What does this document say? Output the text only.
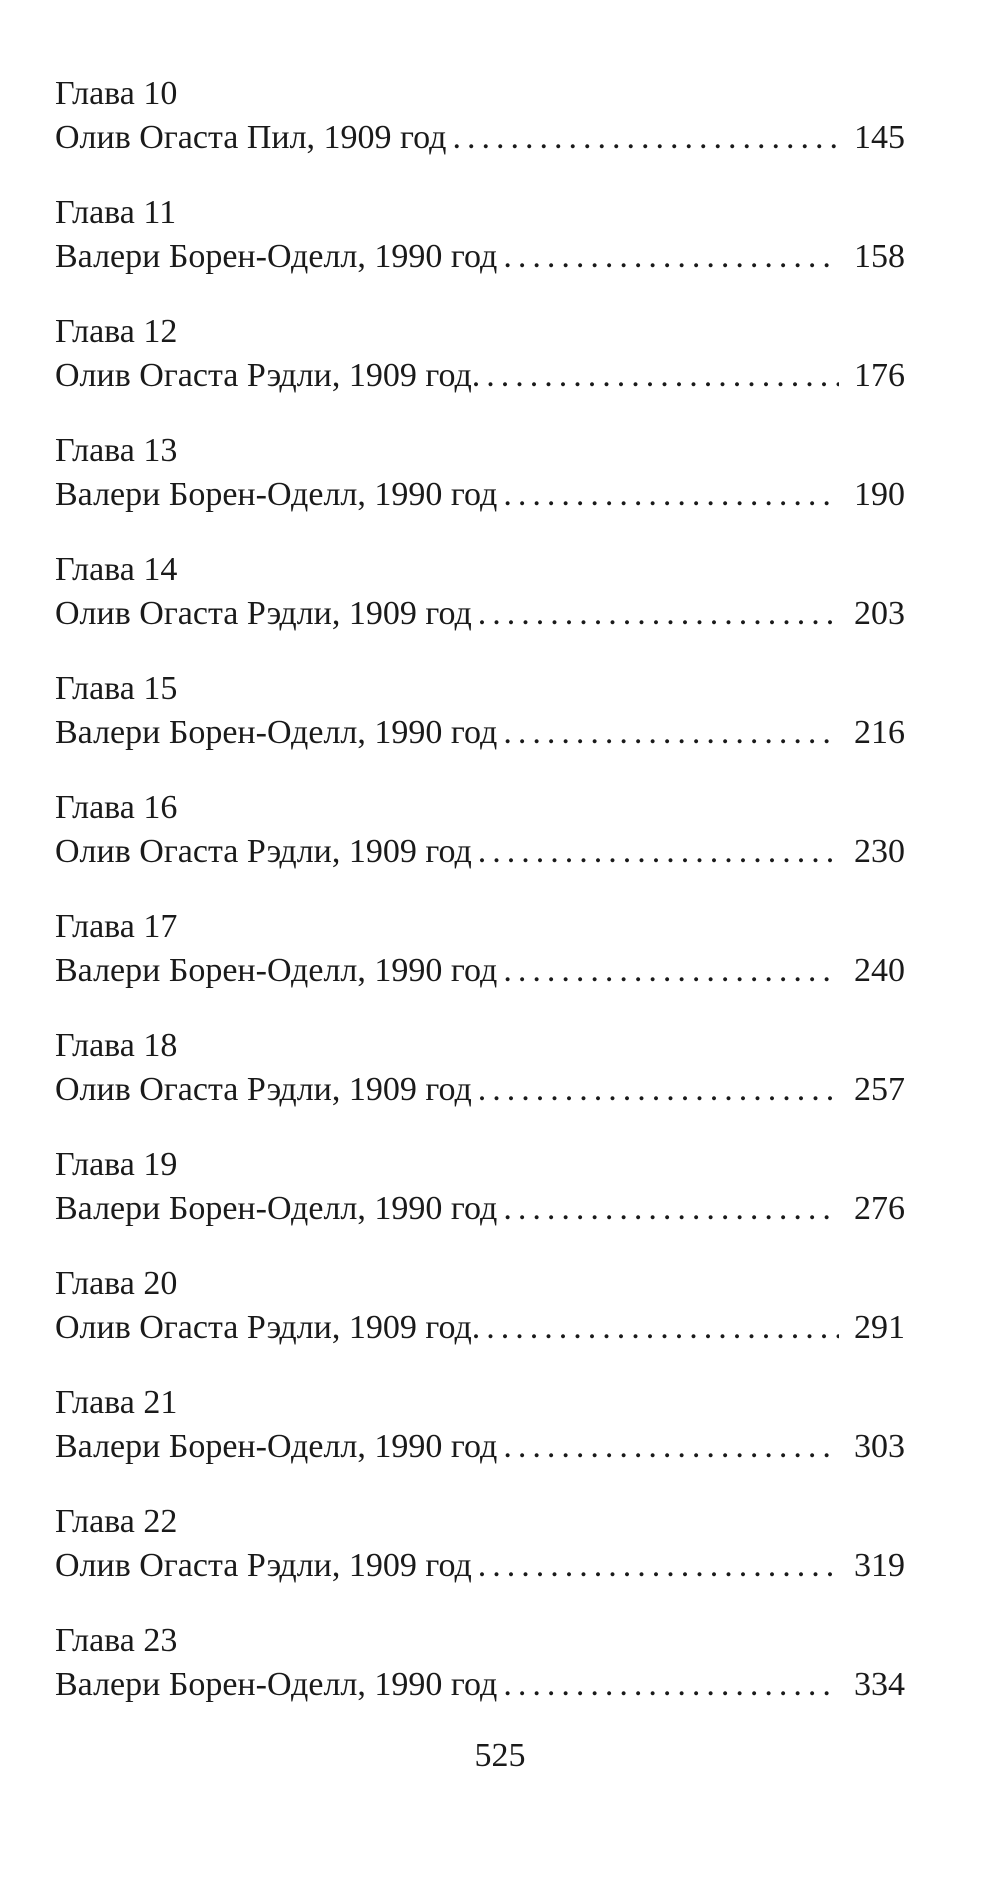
Глава 10
Олив Огаста Пил, 1909 год .....	145
Глава 11
Валери Борен-Оделл, 1990 год .....	158
Глава 12
Олив Огаста Рэдли, 1909 год. .....	176
Глава 13
Валери Борен-Оделл, 1990 год .....	190
Глава 14
Олив Огаста Рэдли, 1909 год .....	203
Глава 15
Валери Борен-Оделл, 1990 год .....	216
Глава 16
Олив Огаста Рэдли, 1909 год .....	230
Глава 17
Валери Борен-Оделл, 1990 год .....	240
Глава 18
Олив Огаста Рэдли, 1909 год .....	257
Глава 19
Валери Борен-Оделл, 1990 год .....	276
Глава 20
Олив Огаста Рэдли, 1909 год. .....	291
Глава 21
Валери Борен-Оделл, 1990 год .....	303
Глава 22
Олив Огаста Рэдли, 1909 год .....	319
Глава 23
Валери Борен-Оделл, 1990 год .....	334
525
